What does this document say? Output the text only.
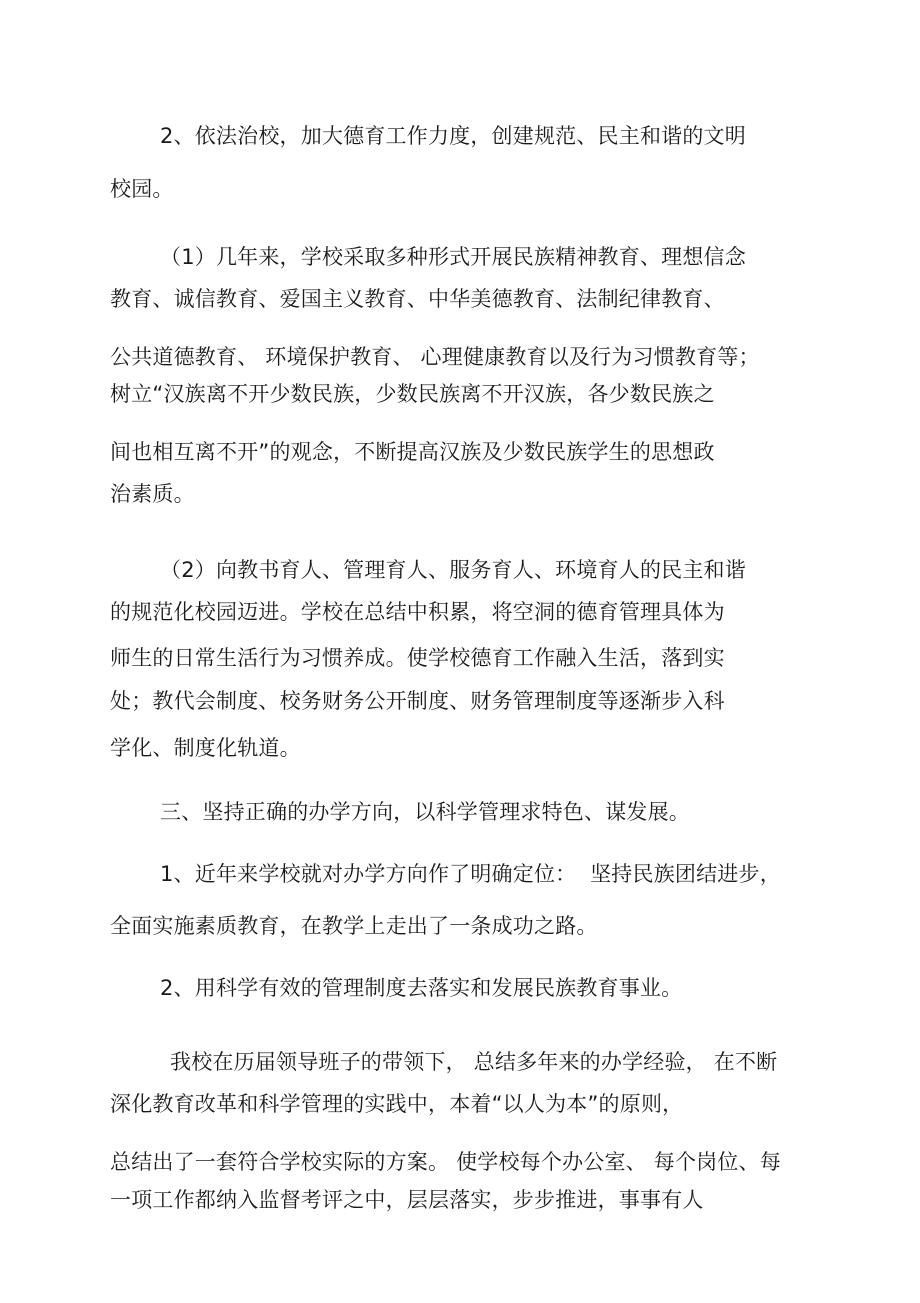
2、依法治校，加大德育工作力度，创建规范、民主和谐的文明
校园。
（1）几年来，学校采取多种形式开展民族精神教育、理想信念
教育、诚信教育、爱国主义教育、中华美德教育、法制纪律教育、
公共道德教育、 环境保护教育、 心理健康教育以及行为习惯教育等；
树立“汉族离不开少数民族，少数民族离不开汉族，各少数民族之
间也相互离不开”的观念，不断提高汉族及少数民族学生的思想政
治素质。
（2）向教书育人、管理育人、服务育人、环境育人的民主和谐
的规范化校园迈进。学校在总结中积累，将空洞的德育管理具体为
师生的日常生活行为习惯养成。使学校德育工作融入生活，落到实
处；教代会制度、校务财务公开制度、财务管理制度等逐渐步入科
学化、制度化轨道。
三、坚持正确的办学方向，以科学管理求特色、谋发展。
1、近年来学校就对办学方向作了明确定位：  坚持民族团结进步，
全面实施素质教育，在教学上走出了一条成功之路。
2、用科学有效的管理制度去落实和发展民族教育事业。
我校在历届领导班子的带领下， 总结多年来的办学经验， 在不断
深化教育改革和科学管理的实践中，本着“以人为本”的原则，
总结出了一套符合学校实际的方案。 使学校每个办公室、 每个岗位、每
一项工作都纳入监督考评之中，层层落实，步步推进，事事有人
